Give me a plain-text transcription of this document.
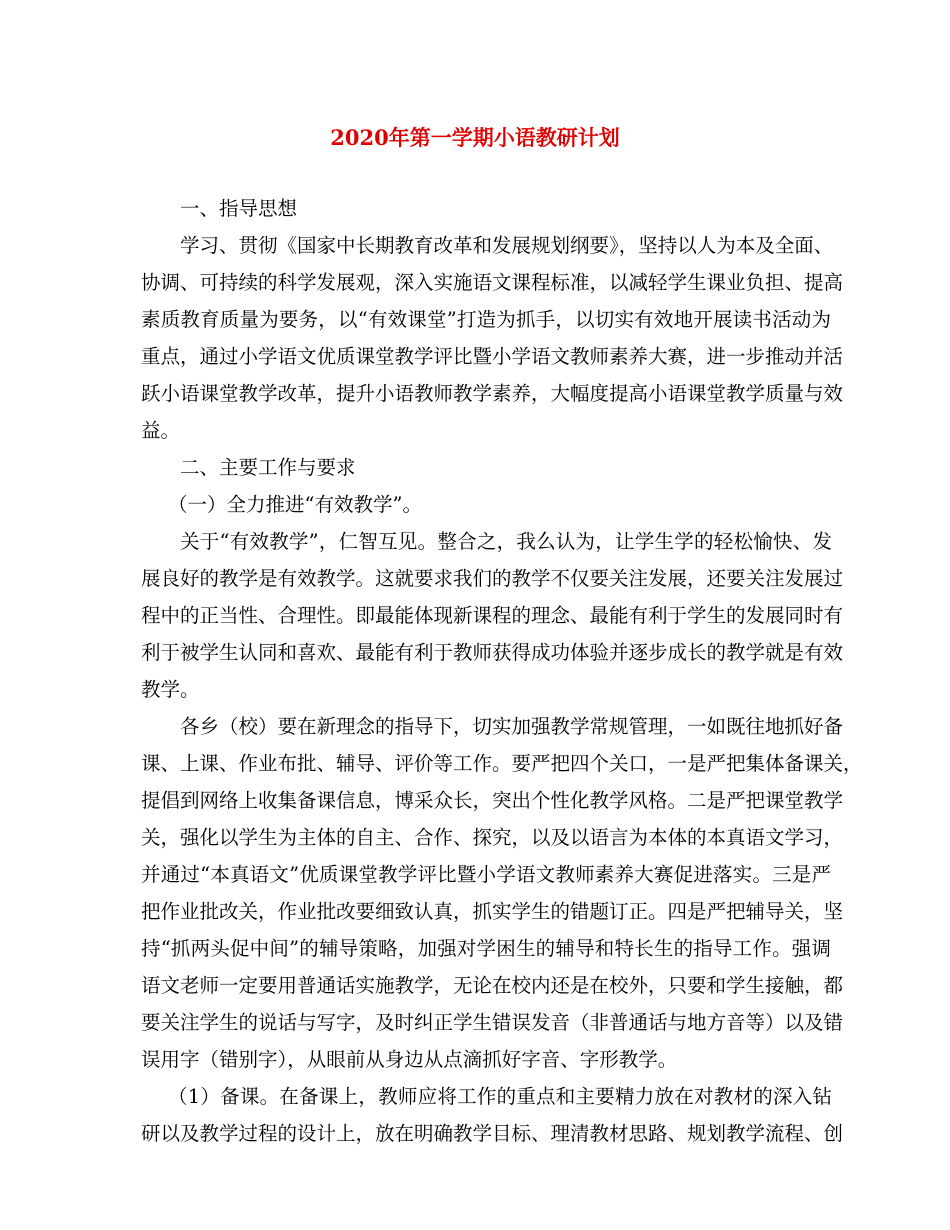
2020年第一学期小语教研计划

一、指导思想

学习、贯彻《国家中长期教育改革和发展规划纲要》，坚持以人为本及全面、

协调、可持续的科学发展观，深入实施语文课程标准，以减轻学生课业负担、提高

素质教育质量为要务，以“有效课堂”打造为抓手，以切实有效地开展读书活动为

重点，通过小学语文优质课堂教学评比暨小学语文教师素养大赛，进一步推动并活

跃小语课堂教学改革，提升小语教师教学素养，大幅度提高小语课堂教学质量与效

益。

二、主要工作与要求

（一）全力推进“有效教学”。

关于“有效教学”，仁智互见。整合之，我么认为，让学生学的轻松愉快、发

展良好的教学是有效教学。这就要求我们的教学不仅要关注发展，还要关注发展过

程中的正当性、合理性。即最能体现新课程的理念、最能有利于学生的发展同时有

利于被学生认同和喜欢、最能有利于教师获得成功体验并逐步成长的教学就是有效

教学。

各乡（校）要在新理念的指导下，切实加强教学常规管理，一如既往地抓好备

课、上课、作业布批、辅导、评价等工作。要严把四个关口，一是严把集体备课关，

提倡到网络上收集备课信息，博采众长，突出个性化教学风格。二是严把课堂教学

关，强化以学生为主体的自主、合作、探究，以及以语言为本体的本真语文学习，

并通过“本真语文”优质课堂教学评比暨小学语文教师素养大赛促进落实。三是严

把作业批改关，作业批改要细致认真，抓实学生的错题订正。四是严把辅导关，坚

持“抓两头促中间”的辅导策略，加强对学困生的辅导和特长生的指导工作。强调

语文老师一定要用普通话实施教学，无论在校内还是在校外，只要和学生接触，都

要关注学生的说话与写字，及时纠正学生错误发音（非普通话与地方音等）以及错

误用字（错别字），从眼前从身边从点滴抓好字音、字形教学。

（1）备课。在备课上，教师应将工作的重点和主要精力放在对教材的深入钻

研以及教学过程的设计上，放在明确教学目标、理清教材思路、规划教学流程、创
